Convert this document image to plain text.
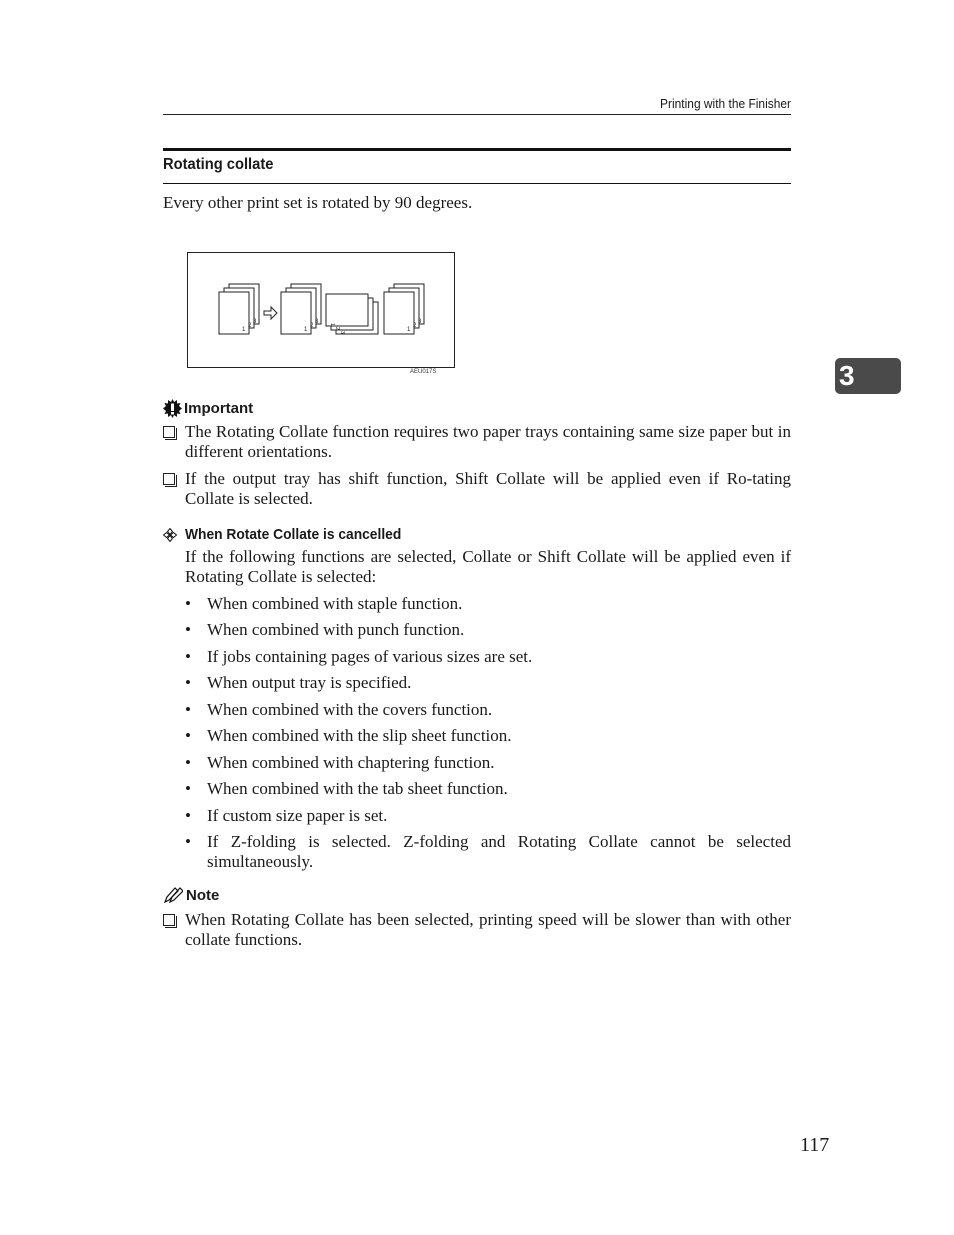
Printing with the Finisher
Rotating collate
Every other print set is rotated by 90 degrees.
1
2
3
1
2
3
1
2
3
1
2
3
AEU017S
Important
The Rotating Collate function requires two paper trays containing same size paper but in different orientations.
If the output tray has shift function, Shift Collate will be applied even if Ro-tating Collate is selected.
When Rotate Collate is cancelled
If the following functions are selected, Collate or Shift Collate will be applied even if Rotating Collate is selected:
• When combined with staple function.
• When combined with punch function.
• If jobs containing pages of various sizes are set.
• When output tray is specified.
• When combined with the covers function.
• When combined with the slip sheet function.
• When combined with chaptering function.
• When combined with the tab sheet function.
• If custom size paper is set.
• If Z-folding is selected. Z-folding and Rotating Collate cannot be selected simultaneously.
Note
When Rotating Collate has been selected, printing speed will be slower than with other collate functions.
3
117
